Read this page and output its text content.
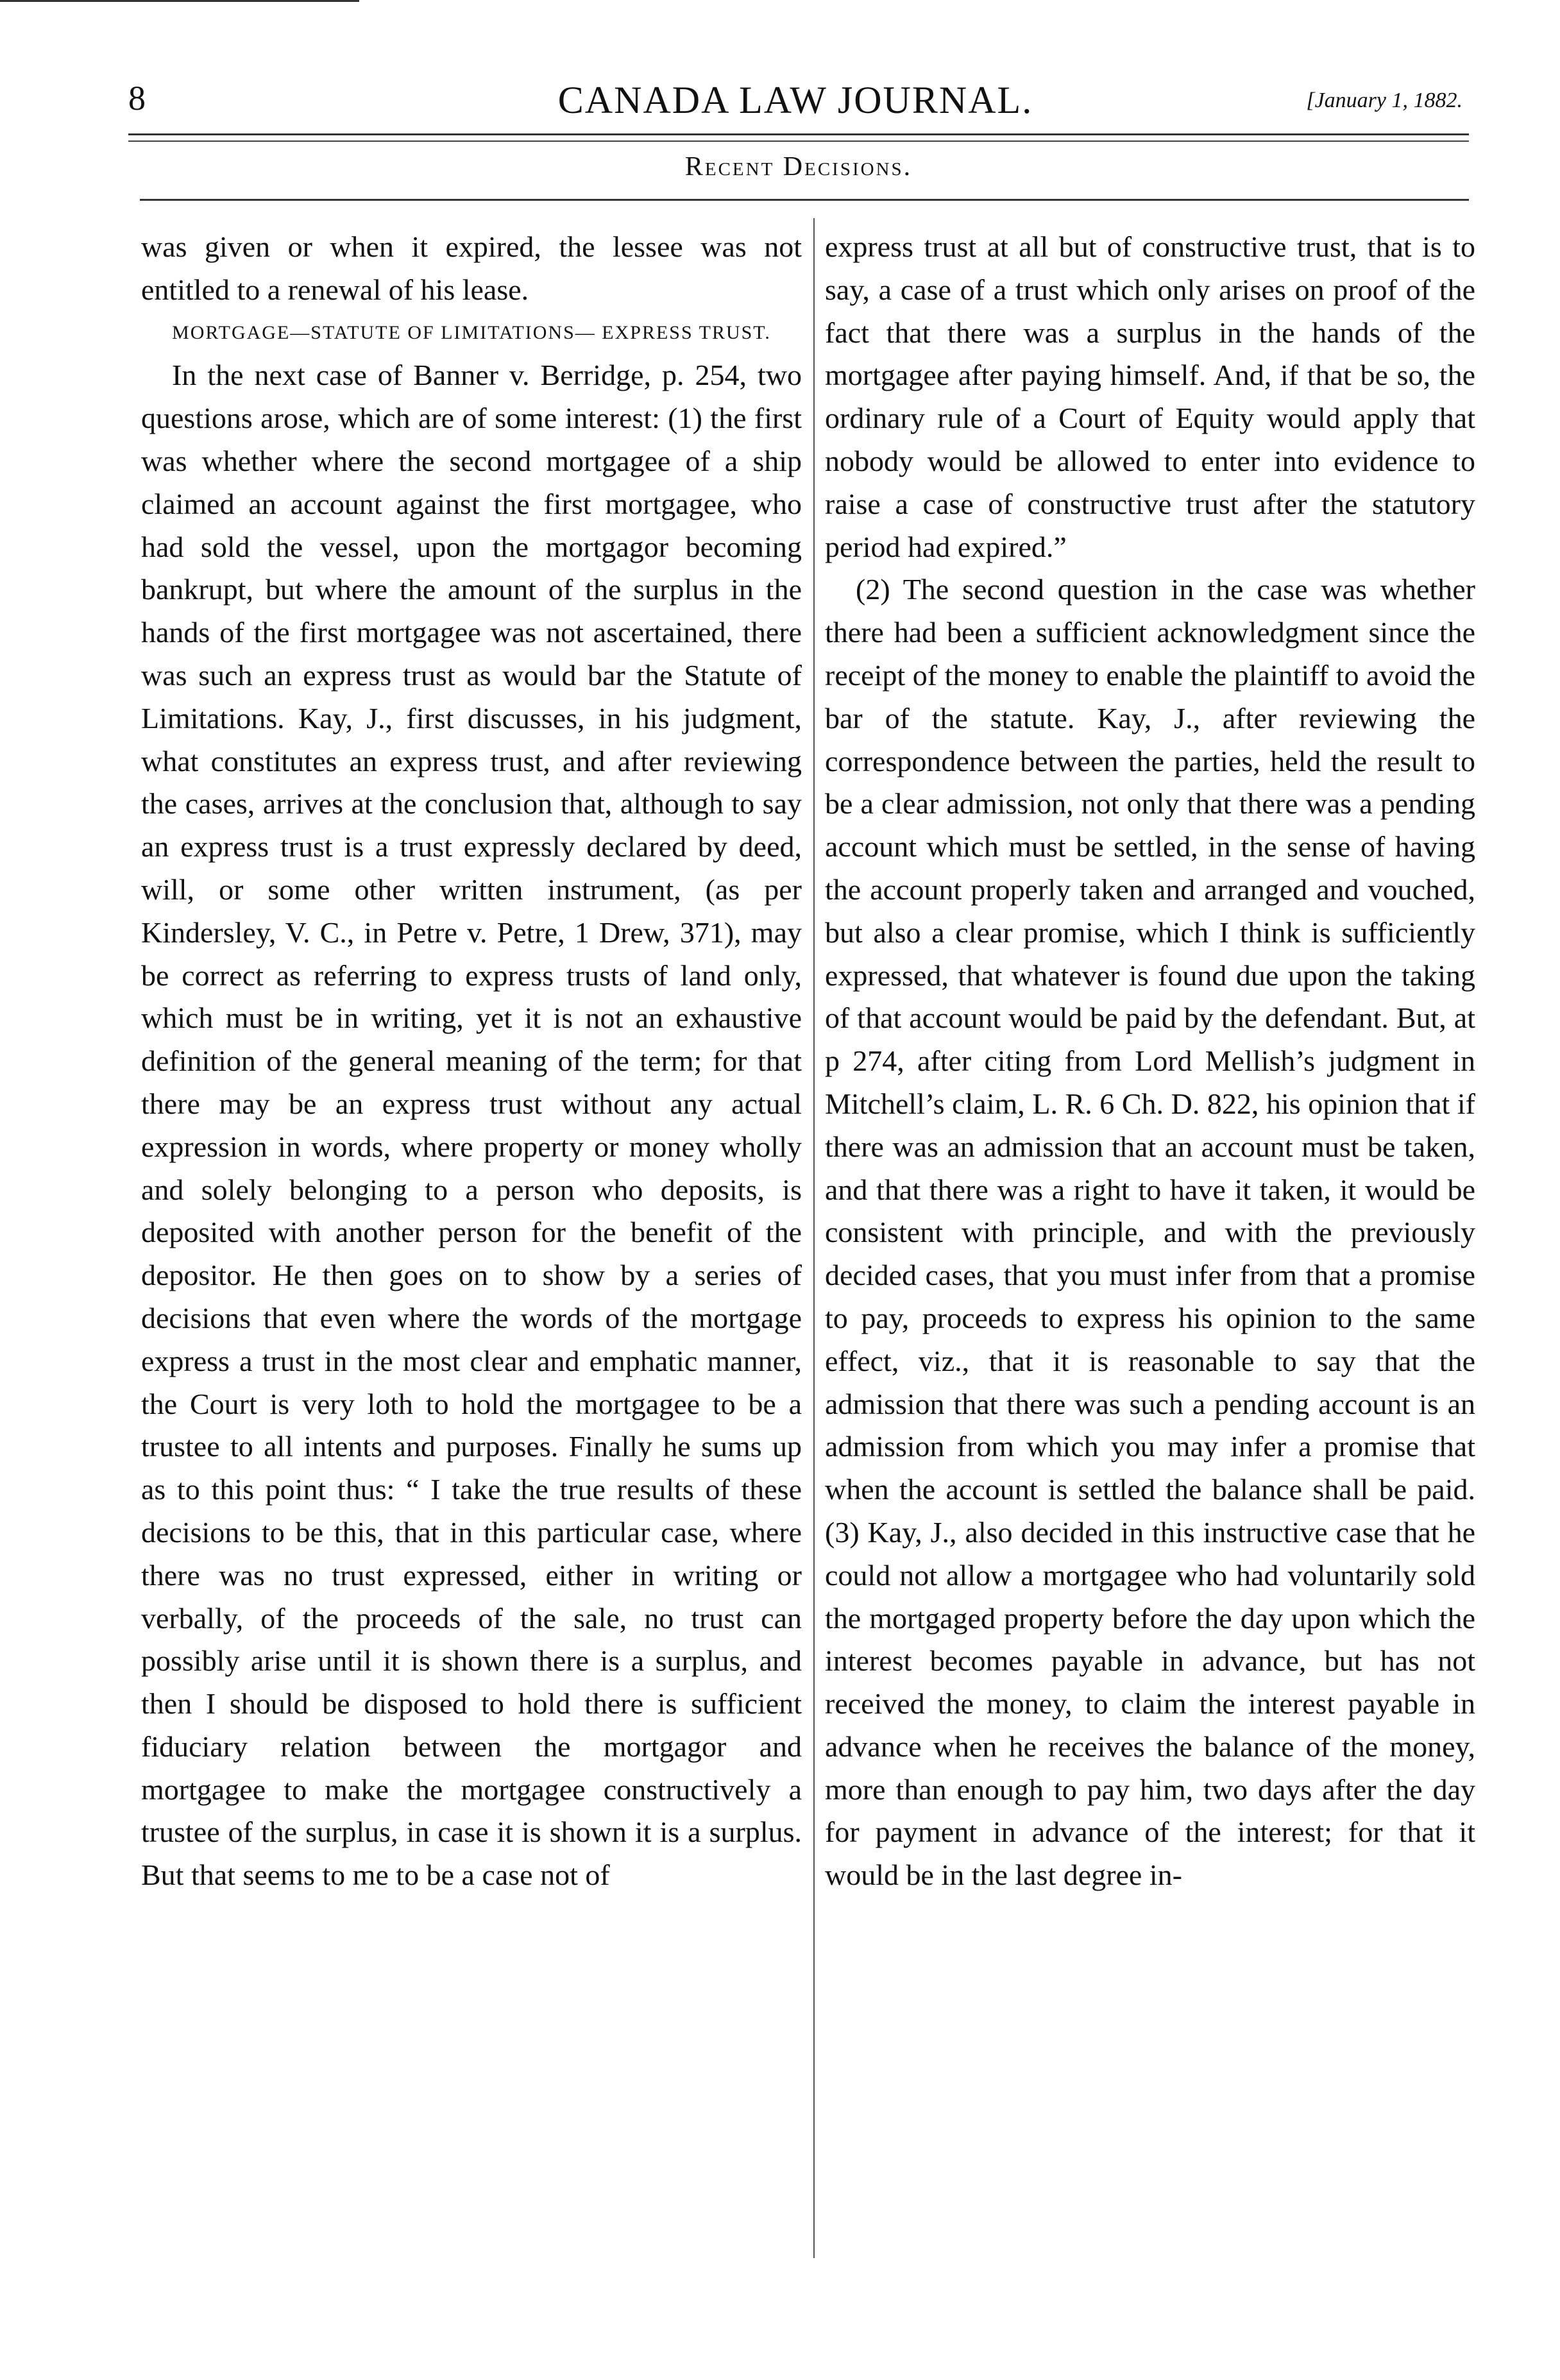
8	CANADA LAW JOURNAL.	[January 1, 1882.
Recent Decisions.

was given or when it expired, the lessee was not entitled to a renewal of his lease.

MORTGAGE—STATUTE OF LIMITATIONS— EXPRESS TRUST.

In the next case of Banner v. Berridge, p. 254, two questions arose, which are of some interest: (1) the first was whether where the second mortgagee of a ship claimed an account against the first mortgagee, who had sold the vessel, upon the mortgagor becoming bankrupt, but where the amount of the surplus in the hands of the first mortgagee was not ascertained, there was such an express trust as would bar the Statute of Limitations. Kay, J., first discusses, in his judgment, what constitutes an express trust, and after reviewing the cases, arrives at the conclusion that, although to say an express trust is a trust expressly declared by deed, will, or some other written instrument, (as per Kindersley, V. C., in Petre v. Petre, 1 Drew, 371), may be correct as referring to express trusts of land only, which must be in writing, yet it is not an exhaustive definition of the general meaning of the term; for that there may be an express trust without any actual expression in words, where property or money wholly and solely belonging to a person who deposits, is deposited with another person for the benefit of the depositor. He then goes on to show by a series of decisions that even where the words of the mortgage express a trust in the most clear and emphatic manner, the Court is very loth to hold the mortgagee to be a trustee to all intents and purposes. Finally he sums up as to this point thus: “ I take the true results of these decisions to be this, that in this particular case, where there was no trust expressed, either in writing or verbally, of the proceeds of the sale, no trust can possibly arise until it is shown there is a surplus, and then I should be disposed to hold there is sufficient fiduciary relation between the mortgagor and mortgagee to make the mortgagee constructively a trustee of the surplus, in case it is shown it is a surplus. But that seems to me to be a case not of

express trust at all but of constructive trust, that is to say, a case of a trust which only arises on proof of the fact that there was a surplus in the hands of the mortgagee after paying himself. And, if that be so, the ordinary rule of a Court of Equity would apply that nobody would be allowed to enter into evidence to raise a case of constructive trust after the statutory period had expired.”

(2) The second question in the case was whether there had been a sufficient acknowledgment since the receipt of the money to enable the plaintiff to avoid the bar of the statute. Kay, J., after reviewing the correspondence between the parties, held the result to be a clear admission, not only that there was a pending account which must be settled, in the sense of having the account properly taken and arranged and vouched, but also a clear promise, which I think is sufficiently expressed, that whatever is found due upon the taking of that account would be paid by the defendant. But, at p 274, after citing from Lord Mellish’s judgment in Mitchell’s claim, L. R. 6 Ch. D. 822, his opinion that if there was an admission that an account must be taken, and that there was a right to have it taken, it would be consistent with principle, and with the previously decided cases, that you must infer from that a promise to pay, proceeds to express his opinion to the same effect, viz., that it is reasonable to say that the admission that there was such a pending account is an admission from which you may infer a promise that when the account is settled the balance shall be paid. (3) Kay, J., also decided in this instructive case that he could not allow a mortgagee who had voluntarily sold the mortgaged property before the day upon which the interest becomes payable in advance, but has not received the money, to claim the interest payable in advance when he receives the balance of the money, more than enough to pay him, two days after the day for payment in advance of the interest; for that it would be in the last degree in-
